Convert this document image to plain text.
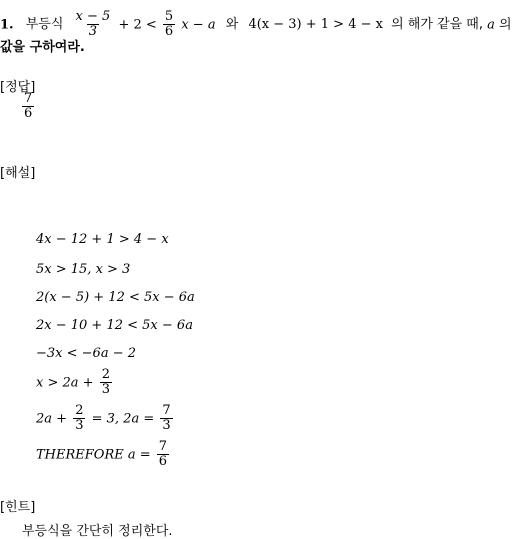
1. 부등식 $\frac{x - 5}{3} + 2 < \frac{5}{6}$ x − a 와 4(x − 3) + 1 > 4 − x 의 해가 같을 때, a 의
값을 구하여라.
[정답]
$\frac{7}{6}$
[해설]
4x − 12 + 1 > 4 − x
5x > 15, x > 3
2(x − 5) + 12 < 5x − 6a
2x − 10 + 12 < 5x − 6a
−3x < −6a − 2
$x > 2a + \frac{2}{3}$
$2a + \frac{2}{3} = 3$, $2a = \frac{7}{3}$
THEREFORE $a = \frac{7}{6}$
[힌트]
부등식을 간단히 정리한다.
